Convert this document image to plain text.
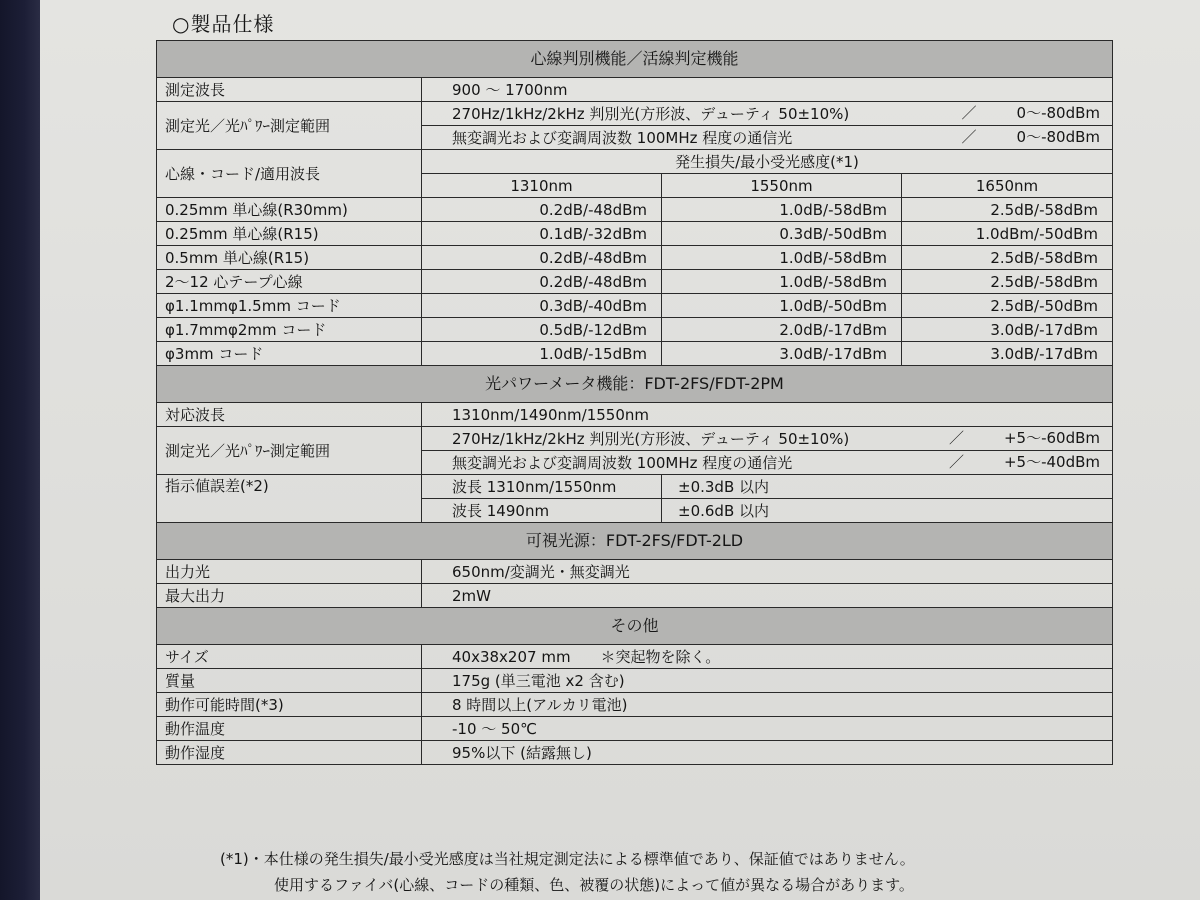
○製品仕様
心線判別機能／活線判定機能			
測定波長	900 ～ 1700nm		
測定光／光ﾊﾟﾜｰ測定範囲	270Hz/1kHz/2kHz 判別光(方形波、デューティ 50±10%) ／ 0～-80dBm		

	無変調光および変調周波数 100MHz 程度の通信光 ／ 0～-80dBm		

心線・コード/適用波長	発生損失/最小受光感度(*1)		
	1310nm	1550nm	1650nm
0.25mm 単心線(R30mm)	0.2dB/-48dBm	1.0dB/-58dBm	2.5dB/-58dBm
0.25mm 単心線(R15)	0.1dB/-32dBm	0.3dB/-50dBm	1.0dBm/-50dBm
0.5mm 単心線(R15)	0.2dB/-48dBm	1.0dB/-58dBm	2.5dB/-58dBm
2～12 心テープ心線	0.2dB/-48dBm	1.0dB/-58dBm	2.5dB/-58dBm
φ1.1mmφ1.5mm コード	0.3dB/-40dBm	1.0dB/-50dBm	2.5dB/-50dBm
φ1.7mmφ2mm コード	0.5dB/-12dBm	2.0dB/-17dBm	3.0dB/-17dBm
φ3mm コード	1.0dB/-15dBm	3.0dB/-17dBm	3.0dB/-17dBm
光パワーメータ機能：FDT-2FS/FDT-2PM			
対応波長	1310nm/1490nm/1550nm		
測定光／光ﾊﾟﾜｰ測定範囲	270Hz/1kHz/2kHz 判別光(方形波、デューティ 50±10%) ／ +5～-60dBm		

	無変調光および変調周波数 100MHz 程度の通信光 ／ +5～-40dBm		

指示値誤差(*2)	波長 1310nm/1550nm	±0.3dB 以内	
	波長 1490nm	±0.6dB 以内	
可視光源：FDT-2FS/FDT-2LD			
出力光	650nm/変調光・無変調光		
最大出力	2mW		
その他			
サイズ	40x38x207 mm　　＊突起物を除く。		
質量	175g (単三電池 x2 含む)		
動作可能時間(*3)	8 時間以上(アルカリ電池)		
動作温度	-10 ～ 50℃		
動作湿度	95%以下 (結露無し)		
(*1)・本仕様の発生損失/最小受光感度は当社規定測定法による標準値であり、保証値ではありません。
使用するファイバ(心線、コードの種類、色、被覆の状態)によって値が異なる場合があります。
